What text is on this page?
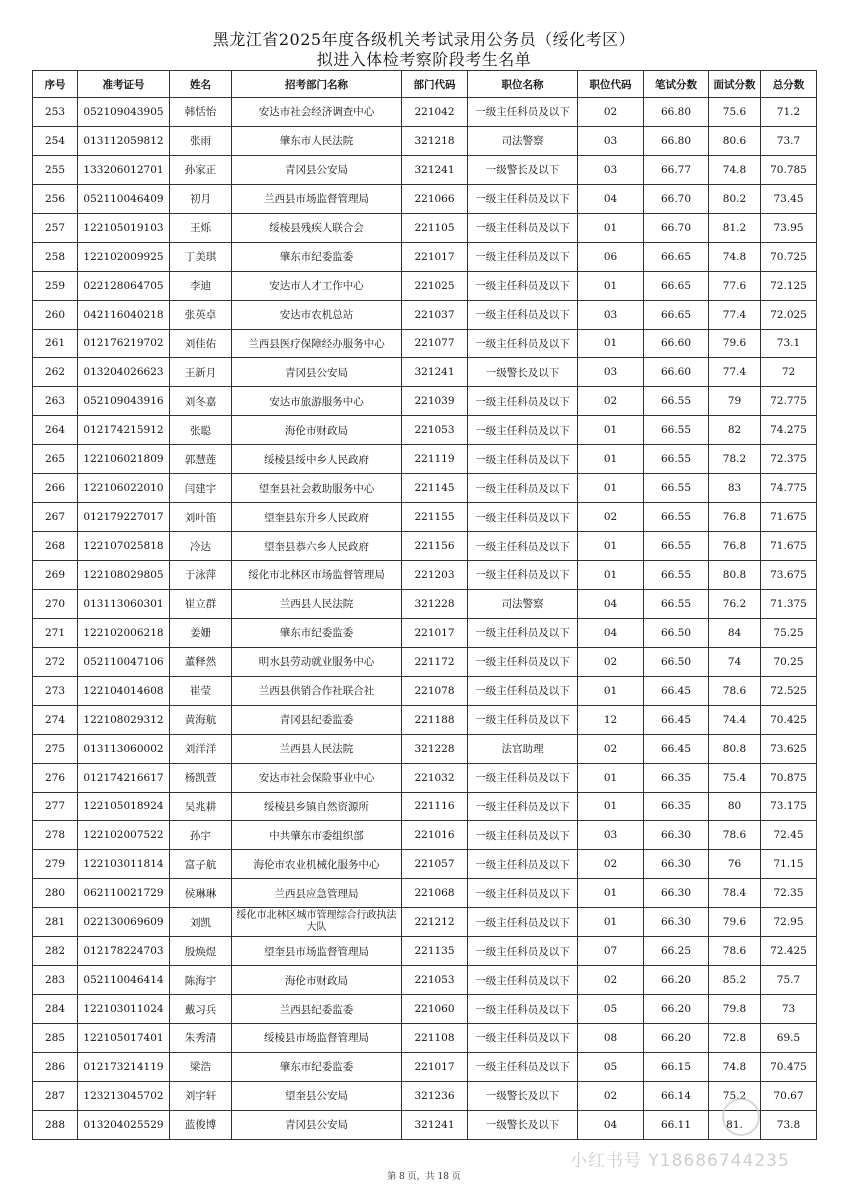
黑龙江省2025年度各级机关考试录用公务员（绥化考区）
拟进入体检考察阶段考生名单
序号	准考证号	姓名	招考部门名称	部门代码	职位名称	职位代码	笔试分数	面试分数	总分数
253	052109043905	韩恬怡	安达市社会经济调查中心	221042	一级主任科员及以下	02	66.80	75.6	71.2
254	013112059812	张雨	肇东市人民法院	321218	司法警察	03	66.80	80.6	73.7
255	133206012701	孙家正	青冈县公安局	321241	一级警长及以下	03	66.77	74.8	70.785
256	052110046409	初月	兰西县市场监督管理局	221066	一级主任科员及以下	04	66.70	80.2	73.45
257	122105019103	王烁	绥棱县残疾人联合会	221105	一级主任科员及以下	01	66.70	81.2	73.95
258	122102009925	丁美琪	肇东市纪委监委	221017	一级主任科员及以下	06	66.65	74.8	70.725
259	022128064705	李迪	安达市人才工作中心	221025	一级主任科员及以下	01	66.65	77.6	72.125
260	042116040218	张英卓	安达市农机总站	221037	一级主任科员及以下	03	66.65	77.4	72.025
261	012176219702	刘佳佑	兰西县医疗保障经办服务中心	221077	一级主任科员及以下	01	66.60	79.6	73.1
262	013204026623	王新月	青冈县公安局	321241	一级警长及以下	03	66.60	77.4	72
263	052109043916	刘冬嘉	安达市旅游服务中心	221039	一级主任科员及以下	02	66.55	79	72.775
264	012174215912	张聪	海伦市财政局	221053	一级主任科员及以下	01	66.55	82	74.275
265	122106021809	郭慧莲	绥棱县绥中乡人民政府	221119	一级主任科员及以下	01	66.55	78.2	72.375
266	122106022010	闫建宇	望奎县社会救助服务中心	221145	一级主任科员及以下	01	66.55	83	74.775
267	012179227017	刘叶笛	望奎县东升乡人民政府	221155	一级主任科员及以下	02	66.55	76.8	71.675
268	122107025818	冷达	望奎县恭六乡人民政府	221156	一级主任科员及以下	01	66.55	76.8	71.675
269	122108029805	于泳萍	绥化市北林区市场监督管理局	221203	一级主任科员及以下	01	66.55	80.8	73.675
270	013113060301	崔立群	兰西县人民法院	321228	司法警察	04	66.55	76.2	71.375
271	122102006218	姜姗	肇东市纪委监委	221017	一级主任科员及以下	04	66.50	84	75.25
272	052110047106	董释然	明水县劳动就业服务中心	221172	一级主任科员及以下	02	66.50	74	70.25
273	122104014608	崔莹	兰西县供销合作社联合社	221078	一级主任科员及以下	01	66.45	78.6	72.525
274	122108029312	黄海航	青冈县纪委监委	221188	一级主任科员及以下	12	66.45	74.4	70.425
275	013113060002	刘洋洋	兰西县人民法院	321228	法官助理	02	66.45	80.8	73.625
276	012174216617	杨凯萱	安达市社会保险事业中心	221032	一级主任科员及以下	01	66.35	75.4	70.875
277	122105018924	吴兆耕	绥棱县乡镇自然资源所	221116	一级主任科员及以下	01	66.35	80	73.175
278	122102007522	孙宇	中共肇东市委组织部	221016	一级主任科员及以下	03	66.30	78.6	72.45
279	122103011814	富子航	海伦市农业机械化服务中心	221057	一级主任科员及以下	02	66.30	76	71.15
280	062110021729	侯琳琳	兰西县应急管理局	221068	一级主任科员及以下	01	66.30	78.4	72.35
281	022130069609	刘凯	绥化市北林区城市管理综合行政执法大队	221212	一级主任科员及以下	01	66.30	79.6	72.95
282	012178224703	殷焕煜	望奎县市场监督管理局	221135	一级主任科员及以下	07	66.25	78.6	72.425
283	052110046414	陈海宇	海伦市财政局	221053	一级主任科员及以下	02	66.20	85.2	75.7
284	122103011024	戴习兵	兰西县纪委监委	221060	一级主任科员及以下	05	66.20	79.8	73
285	122105017401	朱秀清	绥棱县市场监督管理局	221108	一级主任科员及以下	08	66.20	72.8	69.5
286	012173214119	梁浩	肇东市纪委监委	221017	一级主任科员及以下	05	66.15	74.8	70.475
287	123213045702	刘宇轩	望奎县公安局	321236	一级警长及以下	02	66.14	75.2	70.67
288	013204025529	蓝俊博	青冈县公安局	321241	一级警长及以下	04	66.11	81.	73.8
小红书号 Y18686744235
第 8 页，共 18 页
